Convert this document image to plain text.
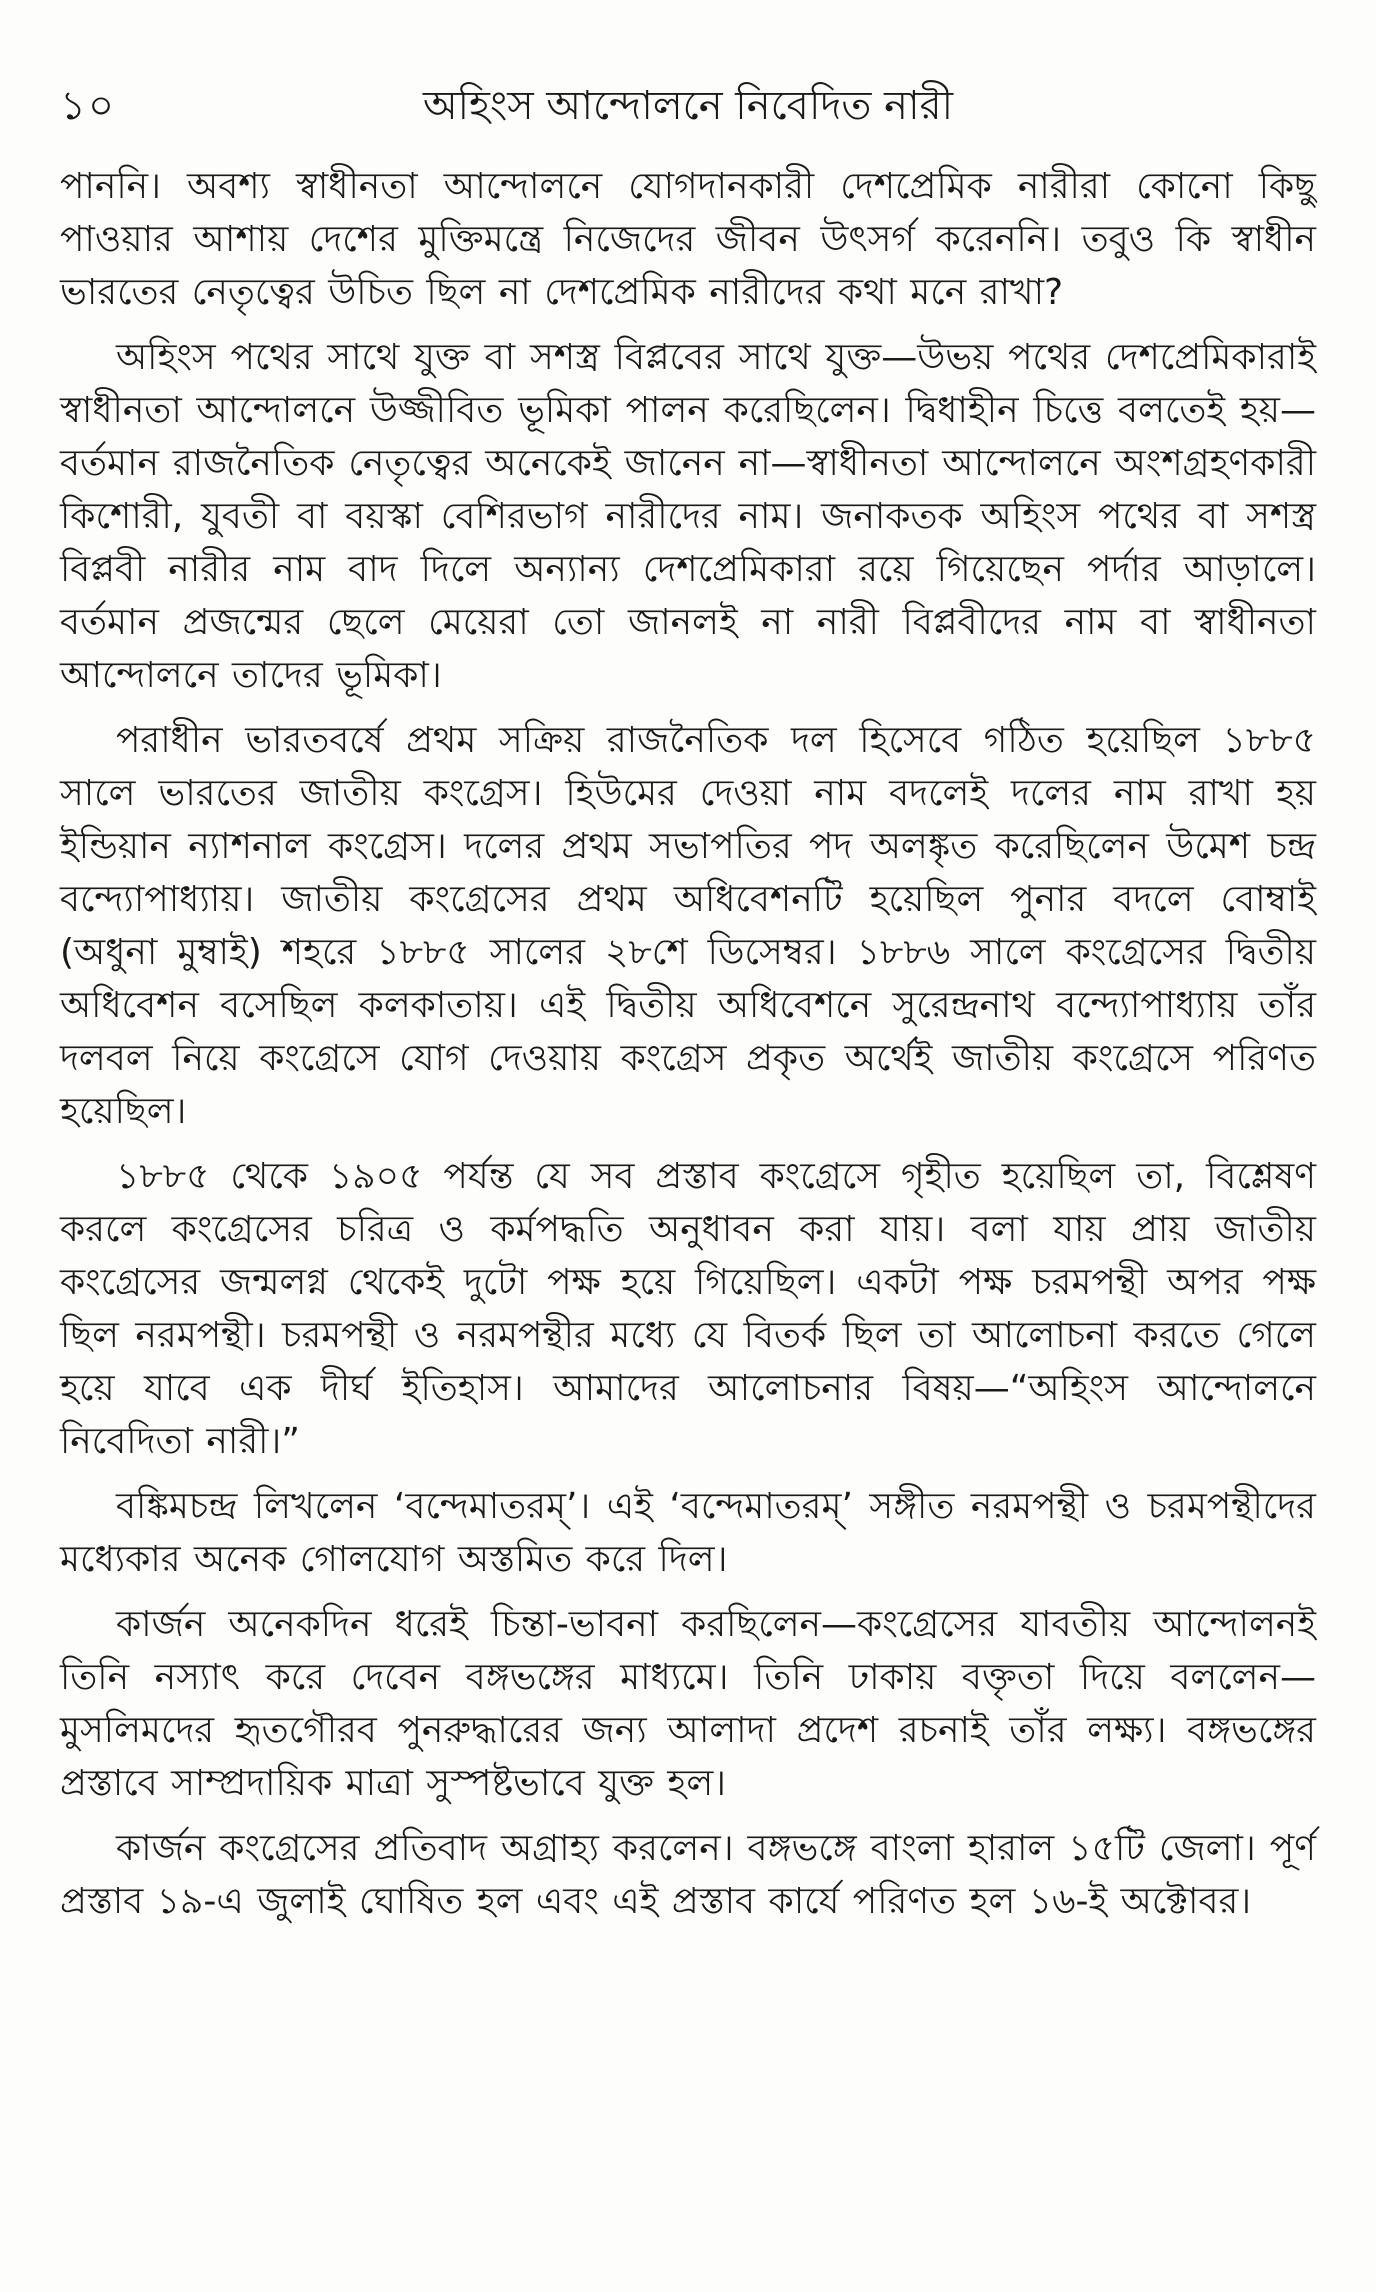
১০	অহিংস আন্দোলনে নিবেদিত নারী

পাননি। অবশ্য স্বাধীনতা আন্দোলনে যোগদানকারী দেশপ্রেমিক নারীরা কোনো কিছু পাওয়ার আশায় দেশের মুক্তিমন্ত্রে নিজেদের জীবন উৎসর্গ করেননি। তবুও কি স্বাধীন ভারতের নেতৃত্বের উচিত ছিল না দেশপ্রেমিক নারীদের কথা মনে রাখা?

অহিংস পথের সাথে যুক্ত বা সশস্ত্র বিপ্লবের সাথে যুক্ত—উভয় পথের দেশপ্রেমিকারাই স্বাধীনতা আন্দোলনে উজ্জীবিত ভূমিকা পালন করেছিলেন। দ্বিধাহীন চিত্তে বলতেই হয়—বর্তমান রাজনৈতিক নেতৃত্বের অনেকেই জানেন না—স্বাধীনতা আন্দোলনে অংশগ্রহণকারী কিশোরী, যুবতী বা বয়স্কা বেশিরভাগ নারীদের নাম। জনাকতক অহিংস পথের বা সশস্ত্র বিপ্লবী নারীর নাম বাদ দিলে অন্যান্য দেশপ্রেমিকারা রয়ে গিয়েছেন পর্দার আড়ালে। বর্তমান প্রজন্মের ছেলে মেয়েরা তো জানলই না নারী বিপ্লবীদের নাম বা স্বাধীনতা আন্দোলনে তাদের ভূমিকা।

পরাধীন ভারতবর্ষে প্রথম সক্রিয় রাজনৈতিক দল হিসেবে গঠিত হয়েছিল ১৮৮৫ সালে ভারতের জাতীয় কংগ্রেস। হিউমের দেওয়া নাম বদলেই দলের নাম রাখা হয় ইন্ডিয়ান ন্যাশনাল কংগ্রেস। দলের প্রথম সভাপতির পদ অলঙ্কৃত করেছিলেন উমেশ চন্দ্র বন্দ্যোপাধ্যায়। জাতীয় কংগ্রেসের প্রথম অধিবেশনটি হয়েছিল পুনার বদলে বোম্বাই (অধুনা মুম্বাই) শহরে ১৮৮৫ সালের ২৮শে ডিসেম্বর। ১৮৮৬ সালে কংগ্রেসের দ্বিতীয় অধিবেশন বসেছিল কলকাতায়। এই দ্বিতীয় অধিবেশনে সুরেন্দ্রনাথ বন্দ্যোপাধ্যায় তাঁর দলবল নিয়ে কংগ্রেসে যোগ দেওয়ায় কংগ্রেস প্রকৃত অর্থেই জাতীয় কংগ্রেসে পরিণত হয়েছিল।

১৮৮৫ থেকে ১৯০৫ পর্যন্ত যে সব প্রস্তাব কংগ্রেসে গৃহীত হয়েছিল তা, বিশ্লেষণ করলে কংগ্রেসের চরিত্র ও কর্মপদ্ধতি অনুধাবন করা যায়। বলা যায় প্রায় জাতীয় কংগ্রেসের জন্মলগ্ন থেকেই দুটো পক্ষ হয়ে গিয়েছিল। একটা পক্ষ চরমপন্থী অপর পক্ষ ছিল নরমপন্থী। চরমপন্থী ও নরমপন্থীর মধ্যে যে বিতর্ক ছিল তা আলোচনা করতে গেলে হয়ে যাবে এক দীর্ঘ ইতিহাস। আমাদের আলোচনার বিষয়—“অহিংস আন্দোলনে নিবেদিতা নারী।”

বঙ্কিমচন্দ্র লিখলেন ‘বন্দেমাতরম্’। এই ‘বন্দেমাতরম্’ সঙ্গীত নরমপন্থী ও চরমপন্থীদের মধ্যেকার অনেক গোলযোগ অস্তমিত করে দিল।

কার্জন অনেকদিন ধরেই চিন্তা-ভাবনা করছিলেন—কংগ্রেসের যাবতীয় আন্দোলনই তিনি নস্যাৎ করে দেবেন বঙ্গভঙ্গের মাধ্যমে। তিনি ঢাকায় বক্তৃতা দিয়ে বললেন—মুসলিমদের হৃতগৌরব পুনরুদ্ধারের জন্য আলাদা প্রদেশ রচনাই তাঁর লক্ষ্য। বঙ্গভঙ্গের প্রস্তাবে সাম্প্রদায়িক মাত্রা সুস্পষ্টভাবে যুক্ত হল।

কার্জন কংগ্রেসের প্রতিবাদ অগ্রাহ্য করলেন। বঙ্গভঙ্গে বাংলা হারাল ১৫টি জেলা। পূর্ণ প্রস্তাব ১৯-এ জুলাই ঘোষিত হল এবং এই প্রস্তাব কার্যে পরিণত হল ১৬-ই অক্টোবর।
